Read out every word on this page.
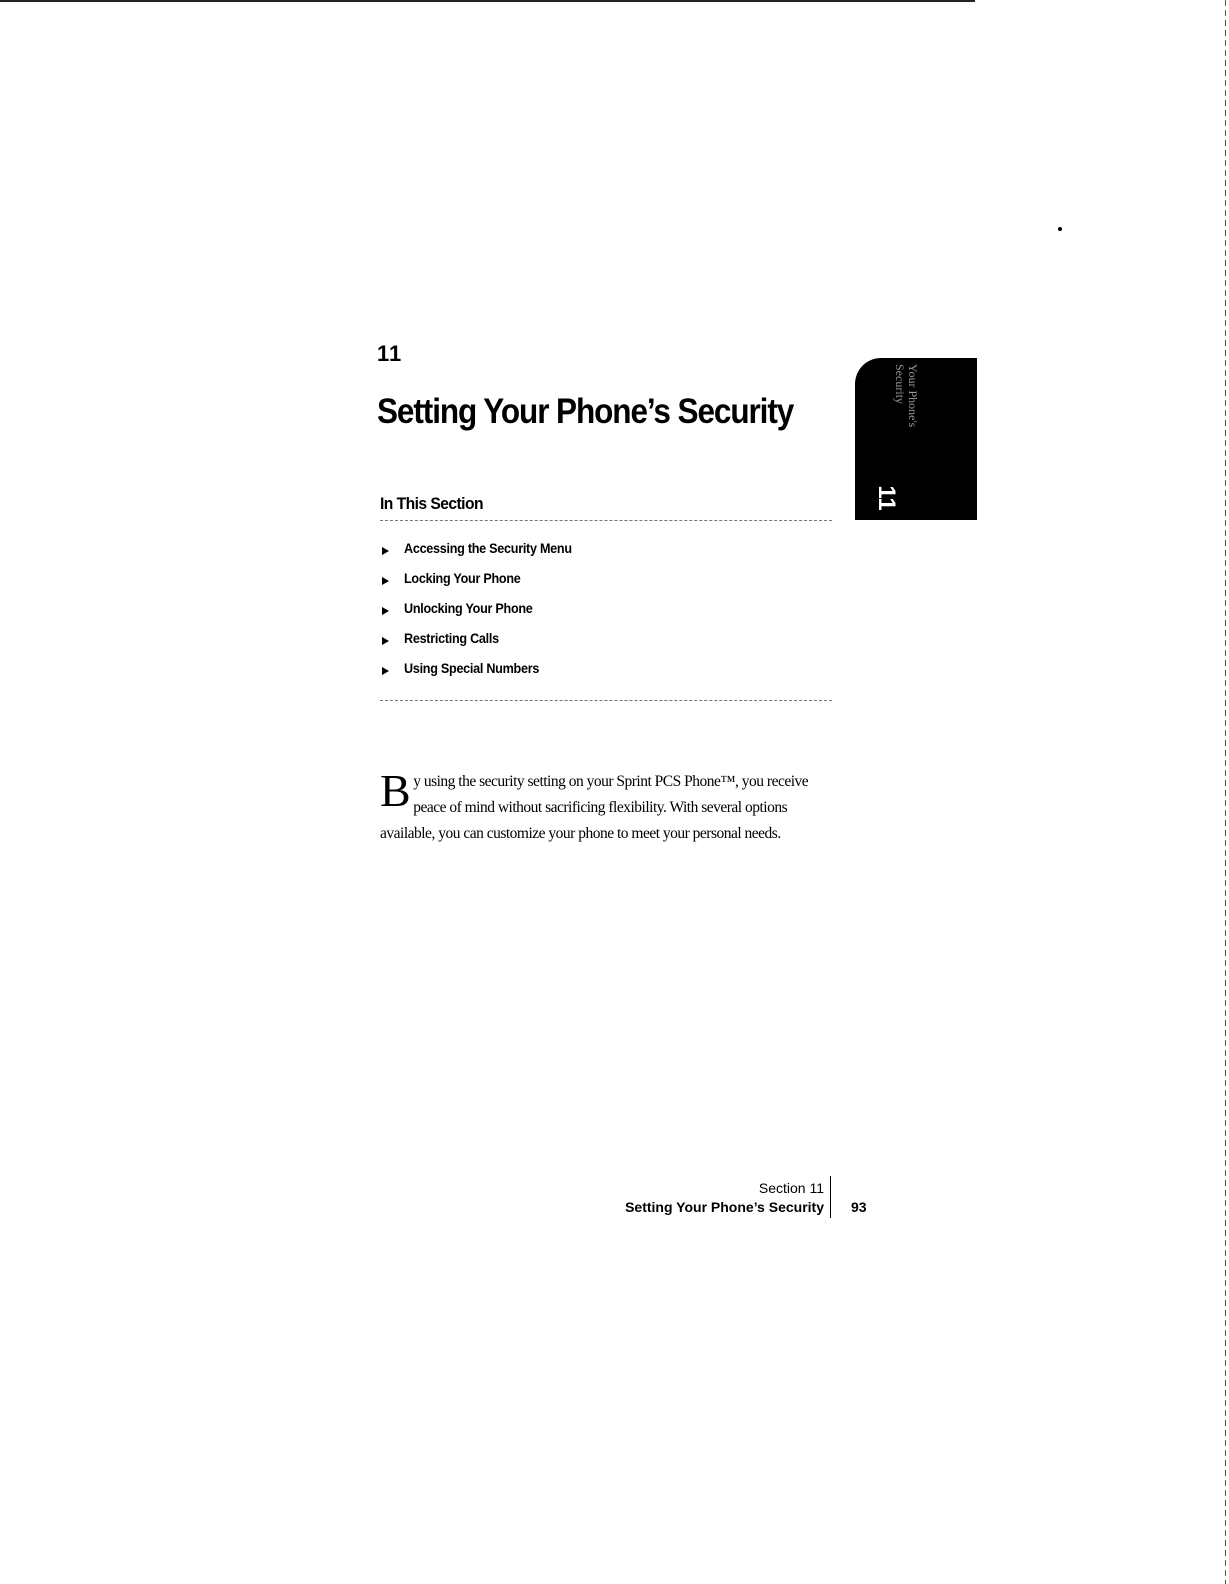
11
Setting Your Phone’s Security	Your Phone's
Security
11
In This Section
Accessing the Security Menu
Locking Your Phone
Unlocking Your Phone
Restricting Calls
Using Special Numbers

By using the security setting on your Sprint PCS Phone™, you receive peace of mind without sacrificing flexibility. With several options available, you can customize your phone to meet your personal needs.

Section 11
Setting Your Phone’s Security 93
